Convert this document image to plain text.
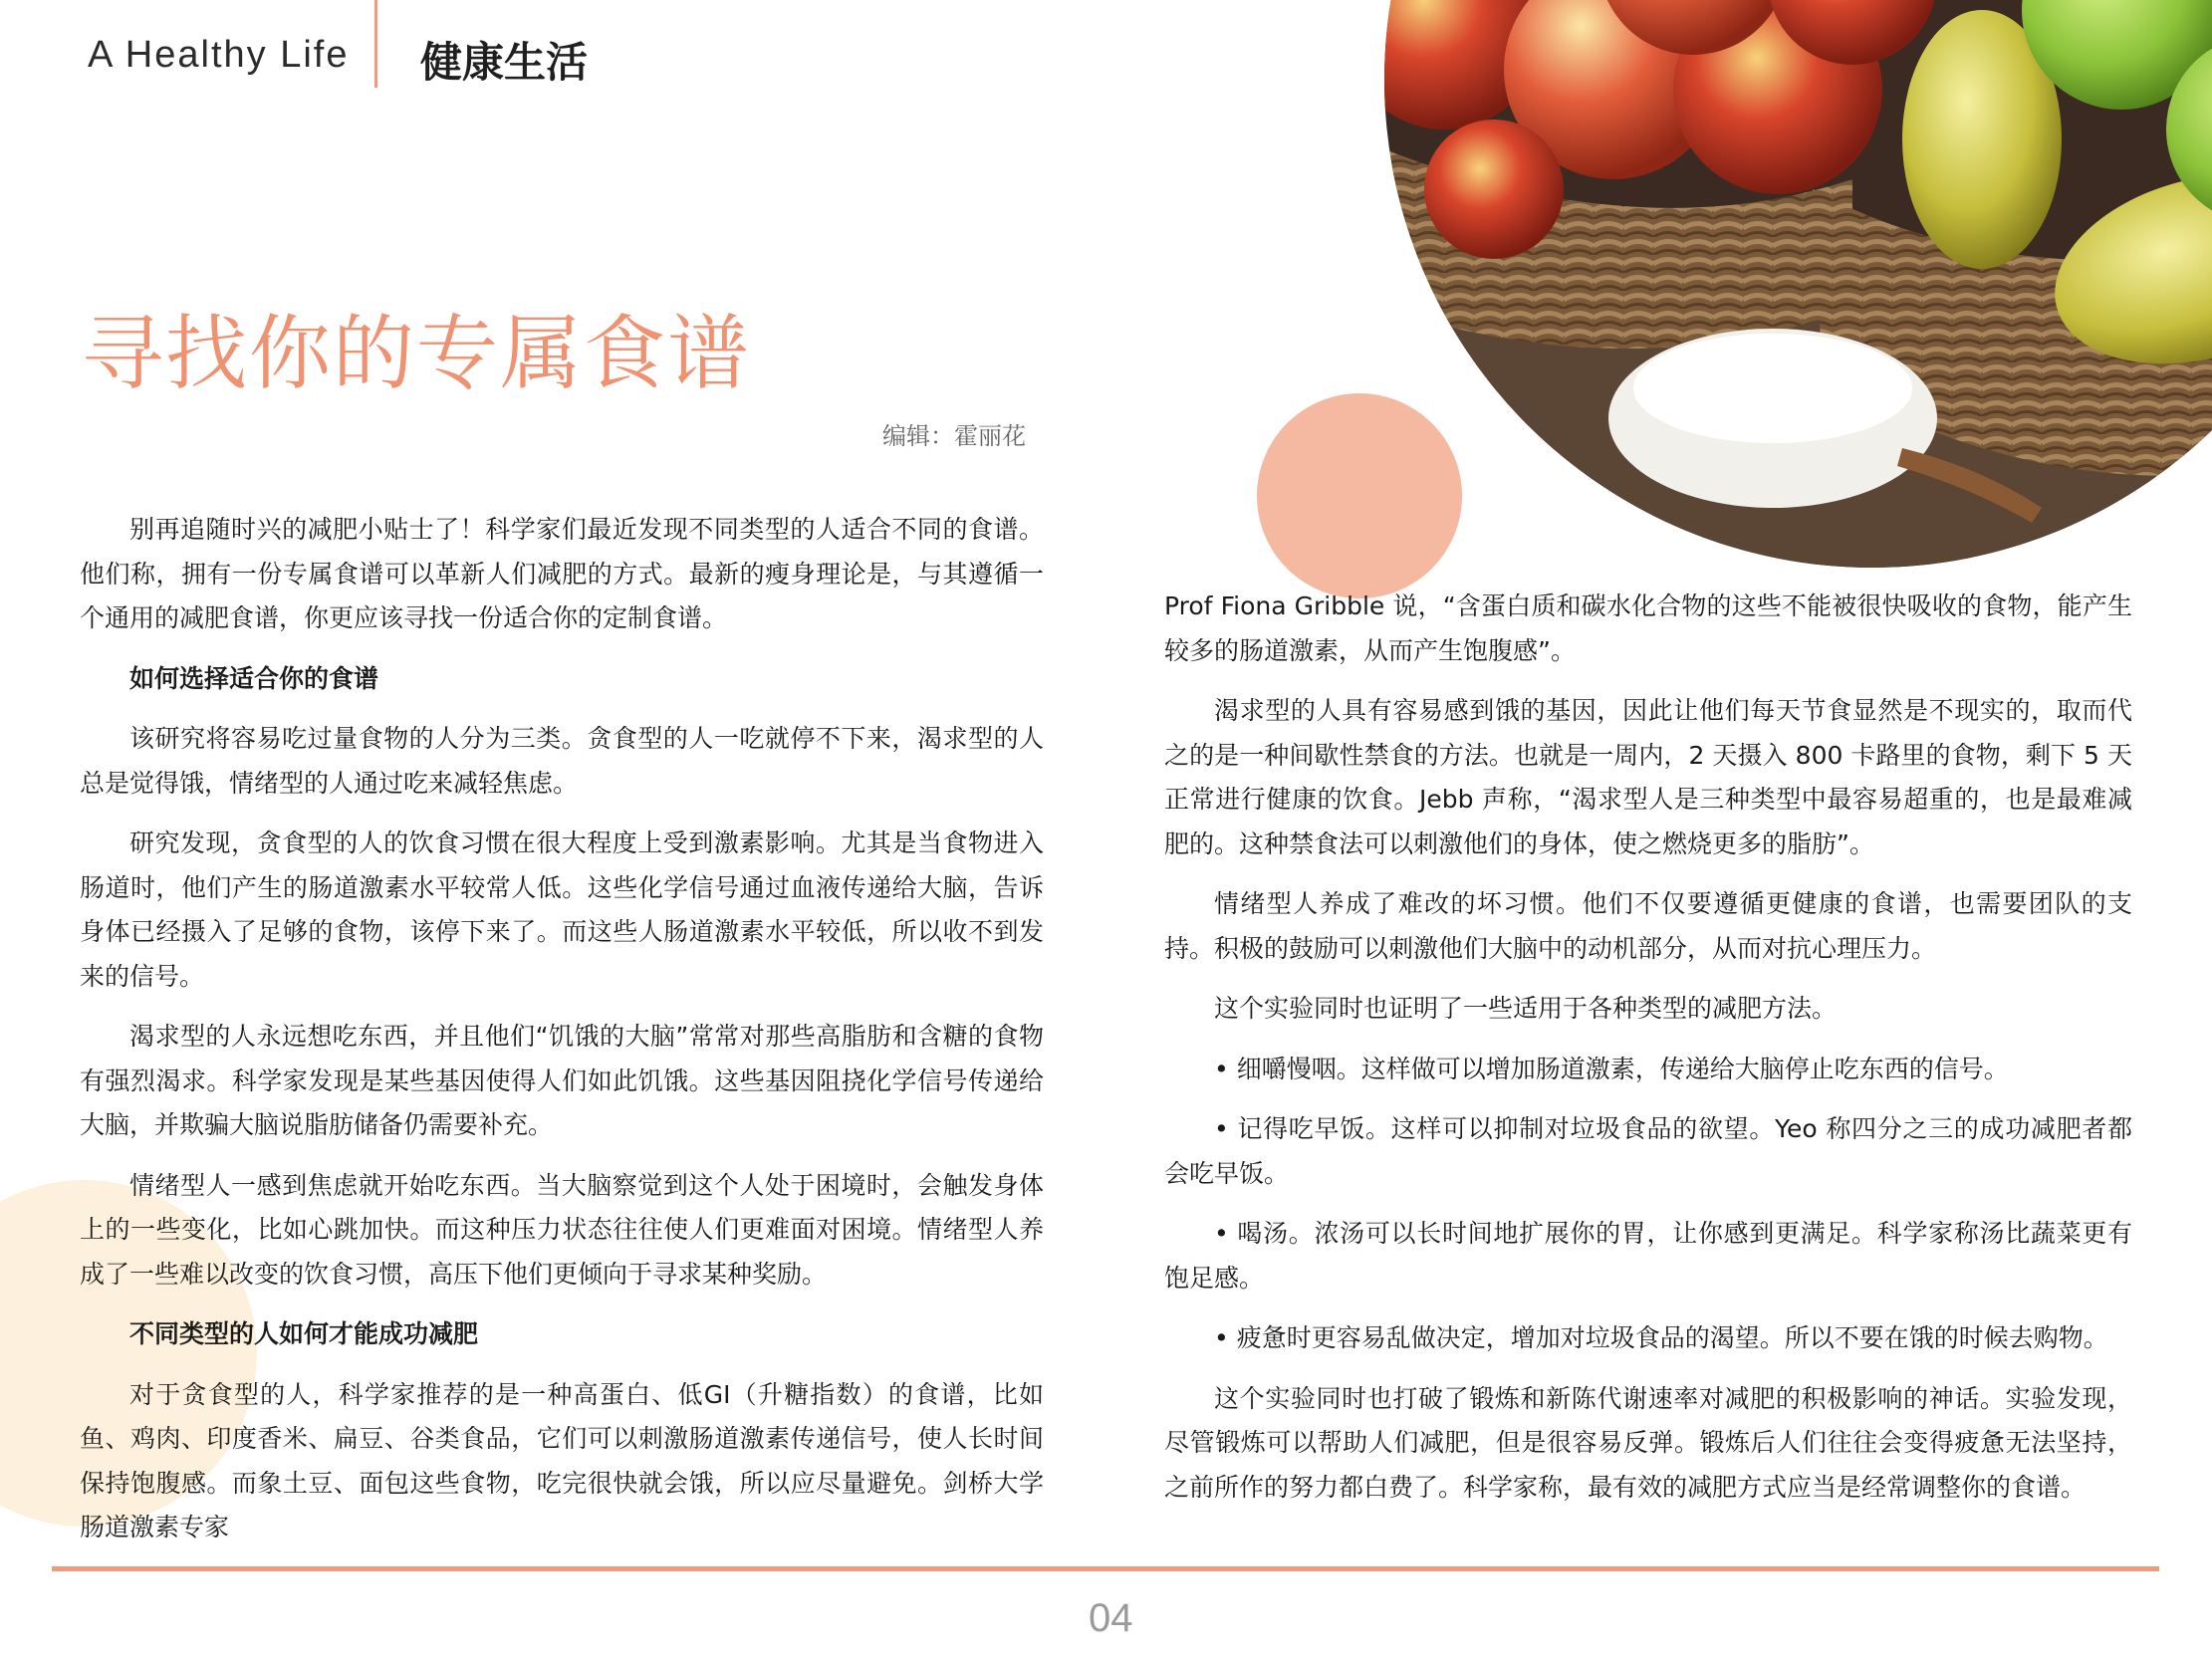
A Healthy Life 健康生活
寻找你的专属食谱
编辑：霍丽花

别再追随时兴的减肥小贴士了！科学家们最近发现不同类型的人适合不同的食谱。他们称，拥有一份专属食谱可以革新人们减肥的方式。最新的瘦身理论是，与其遵循一个通用的减肥食谱，你更应该寻找一份适合你的定制食谱。

如何选择适合你的食谱

该研究将容易吃过量食物的人分为三类。贪食型的人一吃就停不下来，渴求型的人总是觉得饿，情绪型的人通过吃来减轻焦虑。

研究发现，贪食型的人的饮食习惯在很大程度上受到激素影响。尤其是当食物进入肠道时，他们产生的肠道激素水平较常人低。这些化学信号通过血液传递给大脑，告诉身体已经摄入了足够的食物，该停下来了。而这些人肠道激素水平较低，所以收不到发来的信号。

渴求型的人永远想吃东西，并且他们“饥饿的大脑”常常对那些高脂肪和含糖的食物有强烈渴求。科学家发现是某些基因使得人们如此饥饿。这些基因阻挠化学信号传递给大脑，并欺骗大脑说脂肪储备仍需要补充。

情绪型人一感到焦虑就开始吃东西。当大脑察觉到这个人处于困境时，会触发身体上的一些变化，比如心跳加快。而这种压力状态往往使人们更难面对困境。情绪型人养成了一些难以改变的饮食习惯，高压下他们更倾向于寻求某种奖励。

不同类型的人如何才能成功减肥

对于贪食型的人，科学家推荐的是一种高蛋白、低GI（升糖指数）的食谱，比如鱼、鸡肉、印度香米、扁豆、谷类食品，它们可以刺激肠道激素传递信号，使人长时间保持饱腹感。而象土豆、面包这些食物，吃完很快就会饿，所以应尽量避免。剑桥大学肠道激素专家

Prof Fiona Gribble 说，“含蛋白质和碳水化合物的这些不能被很快吸收的食物，能产生较多的肠道激素，从而产生饱腹感”。

渴求型的人具有容易感到饿的基因，因此让他们每天节食显然是不现实的，取而代之的是一种间歇性禁食的方法。也就是一周内，2 天摄入 800 卡路里的食物，剩下 5 天正常进行健康的饮食。Jebb 声称，“渴求型人是三种类型中最容易超重的，也是最难减肥的。这种禁食法可以刺激他们的身体，使之燃烧更多的脂肪”。

情绪型人养成了难改的坏习惯。他们不仅要遵循更健康的食谱，也需要团队的支持。积极的鼓励可以刺激他们大脑中的动机部分，从而对抗心理压力。

这个实验同时也证明了一些适用于各种类型的减肥方法。

• 细嚼慢咽。这样做可以增加肠道激素，传递给大脑停止吃东西的信号。

• 记得吃早饭。这样可以抑制对垃圾食品的欲望。Yeo 称四分之三的成功减肥者都会吃早饭。

• 喝汤。浓汤可以长时间地扩展你的胃，让你感到更满足。科学家称汤比蔬菜更有饱足感。

• 疲惫时更容易乱做决定，增加对垃圾食品的渴望。所以不要在饿的时候去购物。

这个实验同时也打破了锻炼和新陈代谢速率对减肥的积极影响的神话。实验发现，尽管锻炼可以帮助人们减肥，但是很容易反弹。锻炼后人们往往会变得疲惫无法坚持，之前所作的努力都白费了。科学家称，最有效的减肥方式应当是经常调整你的食谱。

04
